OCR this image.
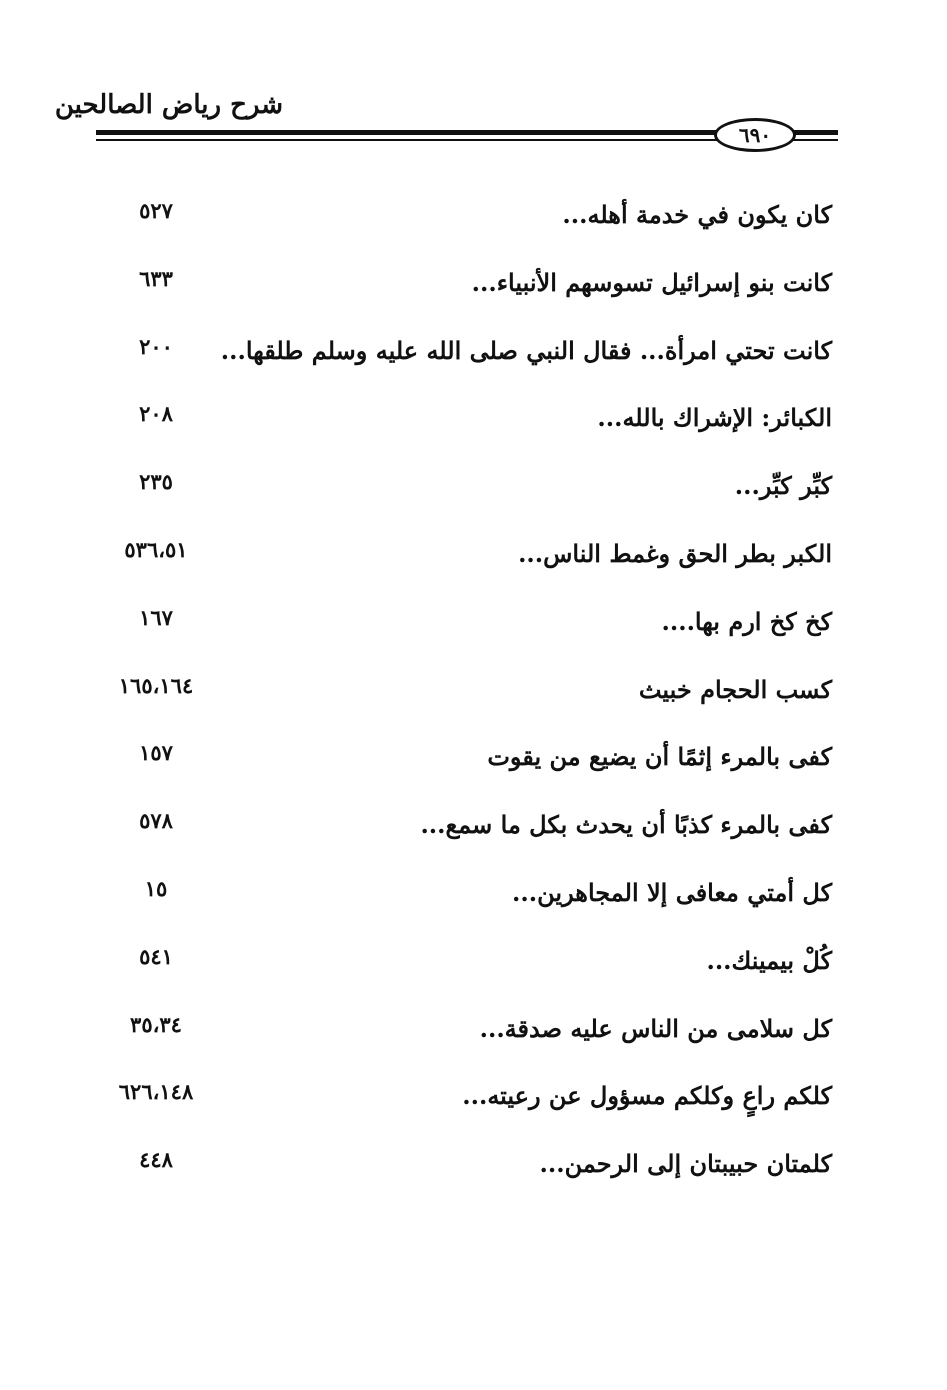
شرح رياض الصالحين
٦٩٠
كان يكون في خدمة أهله...
٥٢٧
كانت بنو إسرائيل تسوسهم الأنبياء...
٦٣٣
كانت تحتي امرأة... فقال النبي صلى الله عليه وسلم طلقها...
٢٠٠
الكبائر: الإشراك بالله...
٢٠٨
كبِّر كبِّر...
٢٣٥
الكبر بطر الحق وغمط الناس...
٥٣٦،٥١
كخ كخ ارم بها....
١٦٧
كسب الحجام خبيث
١٦٥،١٦٤
كفى بالمرء إثمًا أن يضيع من يقوت
١٥٧
كفى بالمرء كذبًا أن يحدث بكل ما سمع...
٥٧٨
كل أمتي معافى إلا المجاهرين...
١٥
كُلْ بيمينك...
٥٤١
كل سلامى من الناس عليه صدقة...
٣٥،٣٤
كلكم راعٍ وكلكم مسؤول عن رعيته...
٦٢٦،١٤٨
كلمتان حبيبتان إلى الرحمن...
٤٤٨
